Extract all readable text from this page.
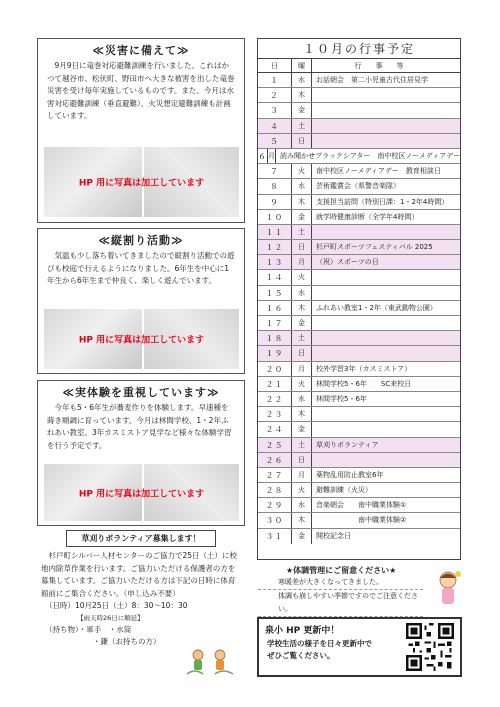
≪災害に備えて≫
9月9日に竜巻対応避難訓練を行いました。これはかつて越谷市、松伏町、野田市へ大きな被害を出した竜巻災害を受け毎年実施しているものです。また、今月は水害対応避難訓練（垂直避難）、火災想定避難訓練も計画しています。
HP 用に写真は加工しています
≪縦割り活動≫
気温も少し落ち着いてきましたので縦割り活動での遊びも校庭で行えるようになりました。6年生を中心に1年生から6年生まで仲良く、楽しく遊んでいます。
HP 用に写真は加工しています
≪実体験を重視しています≫
今年も5・6年生が蕎麦作りを体験します。早速種を蒔き順調に育っています。今月は林間学校、1・2年ふれあい教室、3年カスミストア見学など様々な体験学習を行う予定です。
HP 用に写真は加工しています
草刈りボランティア募集します！
杉戸町シルバー人材センターのご協力で25日（土）に校地内除草作業を行います。ご協力いただける保護者の方を募集しています。ご協力いただける方は下記の日時に体育館前にご集合ください。（申し込み不要）
（日時）10月25日（土）8：30～10：30
【雨天時26日に順延】
（持ち物）・軍手　・水筒
・鎌（お持ちの方）
１０月の行事予定
日	曜	行事等
１	水	お話朝会　第二小児童古代住居見学
２	木
３	金
４	土
５	日
６ 月 読み聞かせブラックシアター　南中校区ノーメディアデー
７	火	南中校区ノーメディアデー　教育相談日
８	水	芸術鑑賞会（県警音楽隊）
９	木	支援担当訪問（特別日課：1・2年4時間）
１０	金	就学時健康診断（全学年4時間）
１１	土
１２	日	杉戸町スポーツフェスティバル 2025
１３	月	（祝）スポーツの日
１４	火
１５	水
１６	木	ふれあい教室1・2年（東武動物公園）
１７	金
１８	土
１９	日
２０	月	校外学習3年（カスミストア）
２１	火	林間学校5・6年　　SC来校日
２２	水	林間学校5・6年
２３	木
２４	金
２５	土	草刈りボランティア
２６	日
２７	月	薬物乱用防止教室6年
２８	火	避難訓練（火災）
２９	水	音楽朝会　　南中職業体験①
３０	木	　　　　　　南中職業体験②
３１	金	開校記念日
★体調管理にご留意ください★
寒暖差が大きくなってきました。
体調も崩しやすい季節ですのでご注意ください。
泉小 HP 更新中！
学校生活の様子を日々更新中で
ぜひご覧ください。
